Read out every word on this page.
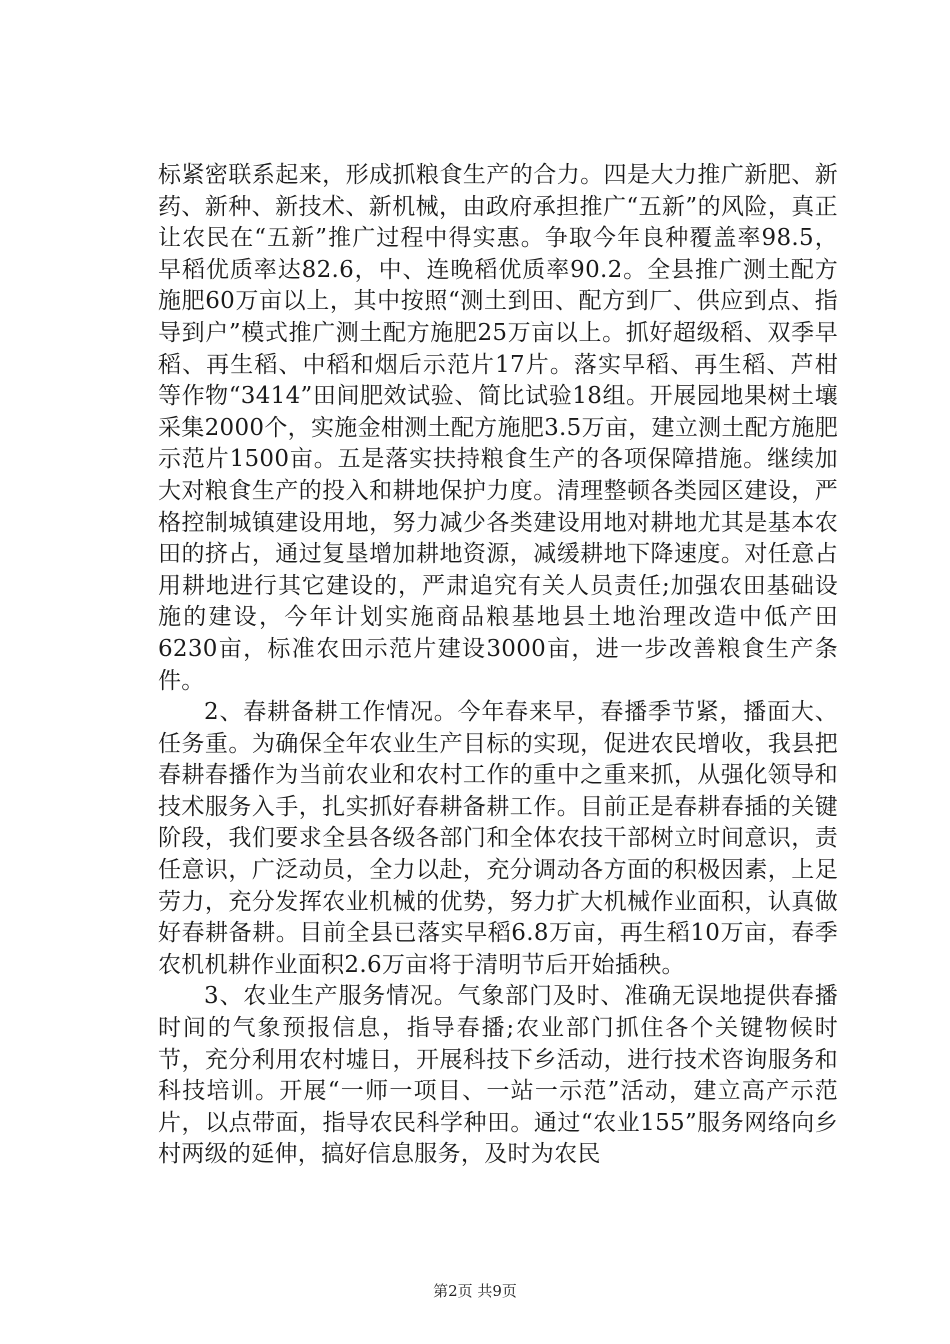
标紧密联系起来，形成抓粮食生产的合力。四是大力推广新肥、新药、新种、新技术、新机械，由政府承担推广“五新”的风险，真正让农民在“五新”推广过程中得实惠。争取今年良种覆盖率98.5，早稻优质率达82.6，中、连晚稻优质率90.2。全县推广测土配方施肥60万亩以上，其中按照“测土到田、配方到厂、供应到点、指导到户”模式推广测土配方施肥25万亩以上。抓好超级稻、双季早稻、再生稻、中稻和烟后示范片17片。落实早稻、再生稻、芦柑等作物“3414”田间肥效试验、简比试验18组。开展园地果树土壤采集2000个，实施金柑测土配方施肥3.5万亩，建立测土配方施肥示范片1500亩。五是落实扶持粮食生产的各项保障措施。继续加大对粮食生产的投入和耕地保护力度。清理整顿各类园区建设，严格控制城镇建设用地，努力减少各类建设用地对耕地尤其是基本农田的挤占，通过复垦增加耕地资源，减缓耕地下降速度。对任意占用耕地进行其它建设的，严肃追究有关人员责任;加强农田基础设施的建设，今年计划实施商品粮基地县土地治理改造中低产田6230亩，标准农田示范片建设3000亩，进一步改善粮食生产条件。

2、春耕备耕工作情况。今年春来早，春播季节紧，播面大、任务重。为确保全年农业生产目标的实现，促进农民增收，我县把春耕春播作为当前农业和农村工作的重中之重来抓，从强化领导和技术服务入手，扎实抓好春耕备耕工作。目前正是春耕春插的关键阶段，我们要求全县各级各部门和全体农技干部树立时间意识，责任意识，广泛动员，全力以赴，充分调动各方面的积极因素，上足劳力，充分发挥农业机械的优势，努力扩大机械作业面积，认真做好春耕备耕。目前全县已落实早稻6.8万亩，再生稻10万亩，春季农机机耕作业面积2.6万亩将于清明节后开始插秧。

3、农业生产服务情况。气象部门及时、准确无误地提供春播时间的气象预报信息，指导春播;农业部门抓住各个关键物候时节，充分利用农村墟日，开展科技下乡活动，进行技术咨询服务和科技培训。开展“一师一项目、一站一示范”活动，建立高产示范片，以点带面，指导农民科学种田。通过“农业155”服务网络向乡村两级的延伸，搞好信息服务，及时为农民

第2页 共9页
